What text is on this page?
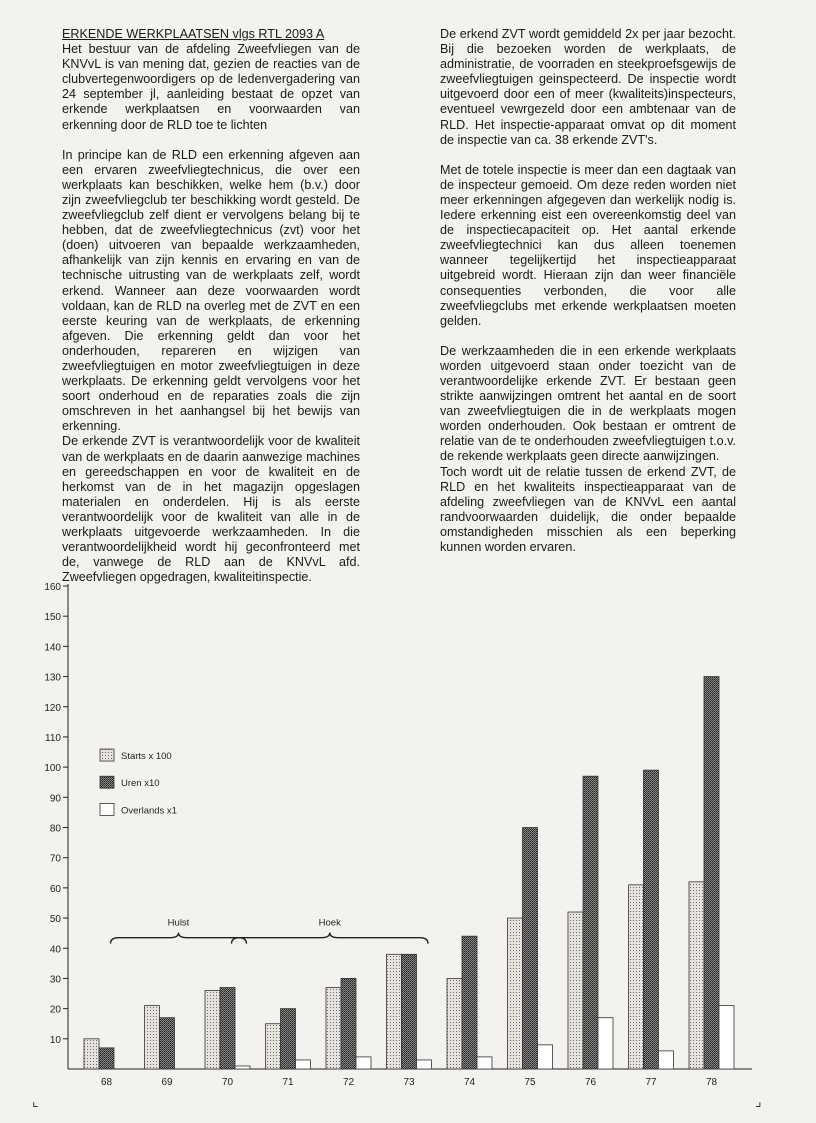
ERKENDE WERKPLAATSEN vlgs RTL 2093 A

Het bestuur van de afdeling Zweefvliegen van de KNVvL is van mening dat, gezien de reacties van de clubvertegenwoordigers op de ledenvergadering van 24 september jl, aanleiding bestaat de opzet van erkende werkplaatsen en voorwaarden van erkenning door de RLD toe te lichten

In principe kan de RLD een erkenning afgeven aan een ervaren zweefvliegtechnicus, die over een werkplaats kan beschikken, welke hem (b.v.) door zijn zweefvliegclub ter beschikking wordt gesteld. De zweefvliegclub zelf dient er vervolgens belang bij te hebben, dat de zweefvliegtechnicus (zvt) voor het (doen) uitvoeren van bepaalde werkzaamheden, afhankelijk van zijn kennis en ervaring en van de technische uitrusting van de werkplaats zelf, wordt erkend. Wanneer aan deze voorwaarden wordt voldaan, kan de RLD na overleg met de ZVT en een eerste keuring van de werkplaats, de erkenning afgeven. Die erkenning geldt dan voor het onderhouden, repareren en wijzigen van zweefvliegtuigen en motor zweefvliegtuigen in deze werkplaats. De erkenning geldt vervolgens voor het soort onderhoud en de reparaties zoals die zijn omschreven in het aanhangsel bij het bewijs van erkenning.

De erkende ZVT is verantwoordelijk voor de kwaliteit van de werkplaats en de daarin aanwezige machines en gereedschappen en voor de kwaliteit en de herkomst van de in het magazijn opgeslagen materialen en onderdelen. Hij is als eerste verantwoordelijk voor de kwaliteit van alle in de werkplaats uitgevoerde werkzaamheden. In die verantwoordelijkheid wordt hij geconfronteerd met de, vanwege de RLD aan de KNVvL afd. Zweefvliegen opgedragen, kwaliteitinspectie.

De erkend ZVT wordt gemiddeld 2x per jaar bezocht. Bij die bezoeken worden de werkplaats, de administratie, de voorraden en steekproefsgewijs de zweefvliegtuigen geinspecteerd. De inspectie wordt uitgevoerd door een of meer (kwaliteits)inspecteurs, eventueel vewrgezeld door een ambtenaar van de RLD. Het inspectie-apparaat omvat op dit moment de inspectie van ca. 38 erkende ZVT's.

Met de totele inspectie is meer dan een dagtaak van de inspecteur gemoeid. Om deze reden worden niet meer erkenningen afgegeven dan werkelijk nodig is. Iedere erkenning eist een overeenkomstig deel van de inspectiecapaciteit op. Het aantal erkende zweefvliegtechnici kan dus alleen toenemen wanneer tegelijkertijd het inspectieapparaat uitgebreid wordt. Hieraan zijn dan weer financiële consequenties verbonden, die voor alle zweefvliegclubs met erkende werkplaatsen moeten gelden.

De werkzaamheden die in een erkende werkplaats worden uitgevoerd staan onder toezicht van de verantwoordelijke erkende ZVT. Er bestaan geen strikte aanwijzingen omtrent het aantal en de soort van zweefvliegtuigen die in de werkplaats mogen worden onderhouden. Ook bestaan er omtrent de relatie van de te onderhouden zweefvliegtuigen t.o.v. de rekende werkplaats geen directe aanwijzingen.

Toch wordt uit de relatie tussen de erkend ZVT, de RLD en het kwaliteits inspectieapparaat van de afdeling zweefvliegen van de KNVvL een aantal randvoorwaarden duidelijk, die onder bepaalde omstandigheden misschien als een beperking kunnen worden ervaren.

10
20
30
40
50
60
70
80
90
100
110
120
130
140
150
160
68	69	70	71	72	73	74	75	76	77	78
Starts x 100
Uren x10
Overlands x1
Hulst	Hoek
⌞	⌟
